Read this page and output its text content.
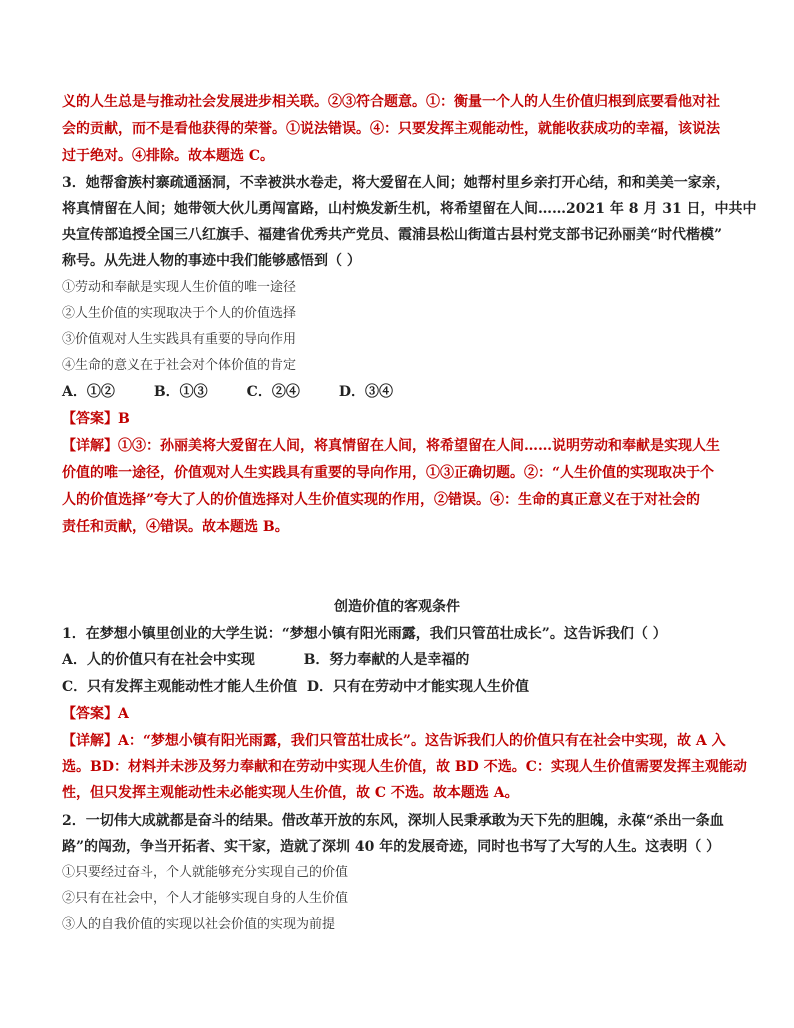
义的人生总是与推动社会发展进步相关联。②③符合题意。①：衡量一个人的人生价值归根到底要看他对社
会的贡献，而不是看他获得的荣誉。①说法错误。④：只要发挥主观能动性，就能收获成功的幸福，该说法
过于绝对。④排除。故本题选 C。
3．她帮畲族村寨疏通涵洞，不幸被洪水卷走，将大爱留在人间；她帮村里乡亲打开心结，和和美美一家亲，
将真情留在人间；她带领大伙儿勇闯富路，山村焕发新生机，将希望留在人间……2021 年 8 月 31 日，中共中
央宣传部追授全国三八红旗手、福建省优秀共产党员、霞浦县松山街道古县村党支部书记孙丽美“时代楷模”
称号。从先进人物的事迹中我们能够感悟到（ ）
①劳动和奉献是实现人生价值的唯一途径
②人生价值的实现取决于个人的价值选择
③价值观对人生实践具有重要的导向作用
④生命的意义在于社会对个体价值的肯定
A．①②        B．①③        C．②④        D．③④
【答案】B
【详解】①③：孙丽美将大爱留在人间，将真情留在人间，将希望留在人间……说明劳动和奉献是实现人生
价值的唯一途径，价值观对人生实践具有重要的导向作用，①③正确切题。②：“人生价值的实现取决于个
人的价值选择”夸大了人的价值选择对人生价值实现的作用，②错误。④：生命的真正意义在于对社会的
责任和贡献，④错误。故本题选 B。
创造价值的客观条件
1．在梦想小镇里创业的大学生说：“梦想小镇有阳光雨露，我们只管茁壮成长”。这告诉我们（ ）
A．人的价值只有在社会中实现          B．努力奉献的人是幸福的
C．只有发挥主观能动性才能人生价值  D．只有在劳动中才能实现人生价值
【答案】A
【详解】A：“梦想小镇有阳光雨露，我们只管茁壮成长”。这告诉我们人的价值只有在社会中实现，故 A 入
选。BD：材料并未涉及努力奉献和在劳动中实现人生价值，故 BD 不选。C：实现人生价值需要发挥主观能动
性，但只发挥主观能动性未必能实现人生价值，故 C 不选。故本题选 A。
2．一切伟大成就都是奋斗的结果。借改革开放的东风，深圳人民秉承敢为天下先的胆魄，永葆“杀出一条血
路”的闯劲，争当开拓者、实干家，造就了深圳 40 年的发展奇迹，同时也书写了大写的人生。这表明（ ）
①只要经过奋斗，个人就能够充分实现自己的价值
②只有在社会中，个人才能够实现自身的人生价值
③人的自我价值的实现以社会价值的实现为前提
